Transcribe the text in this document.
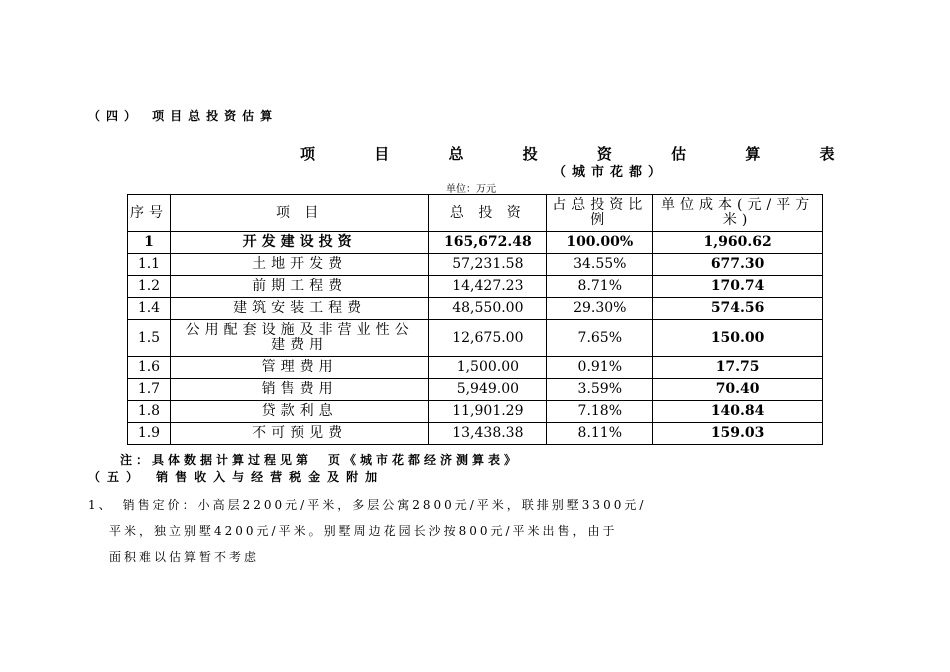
（四） 项目总投资估算
项 目 总 投 资 估 算 表
（城市花都）
单位：万元
序号	项 目	总 投 资	占总投资比例	单位成本(元/平方米)
1	开发建设投资	165,672.48	100.00%	1,960.62
1.1	土地开发费	57,231.58	34.55%	677.30
1.2	前期工程费	14,427.23	8.71%	170.74
1.4	建筑安装工程费	48,550.00	29.30%	574.56
1.5	公用配套设施及非营业性公建费用	12,675.00	7.65%	150.00
1.6	管理费用	1,500.00	0.91%	17.75
1.7	销售费用	5,949.00	3.59%	70.40
1.8	贷款利息	11,901.29	7.18%	140.84
1.9	不可预见费	13,438.38	8.11%	159.03
注：具体数据计算过程见第　页《城市花都经济测算表》
（五） 销售收入与经营税金及附加
1、　销售定价：小高层2200元/平米，多层公寓2800元/平米，联排别墅3300元/
平米，独立别墅4200元/平米。别墅周边花园长沙按800元/平米出售，由于
面积难以估算暂不考虑
